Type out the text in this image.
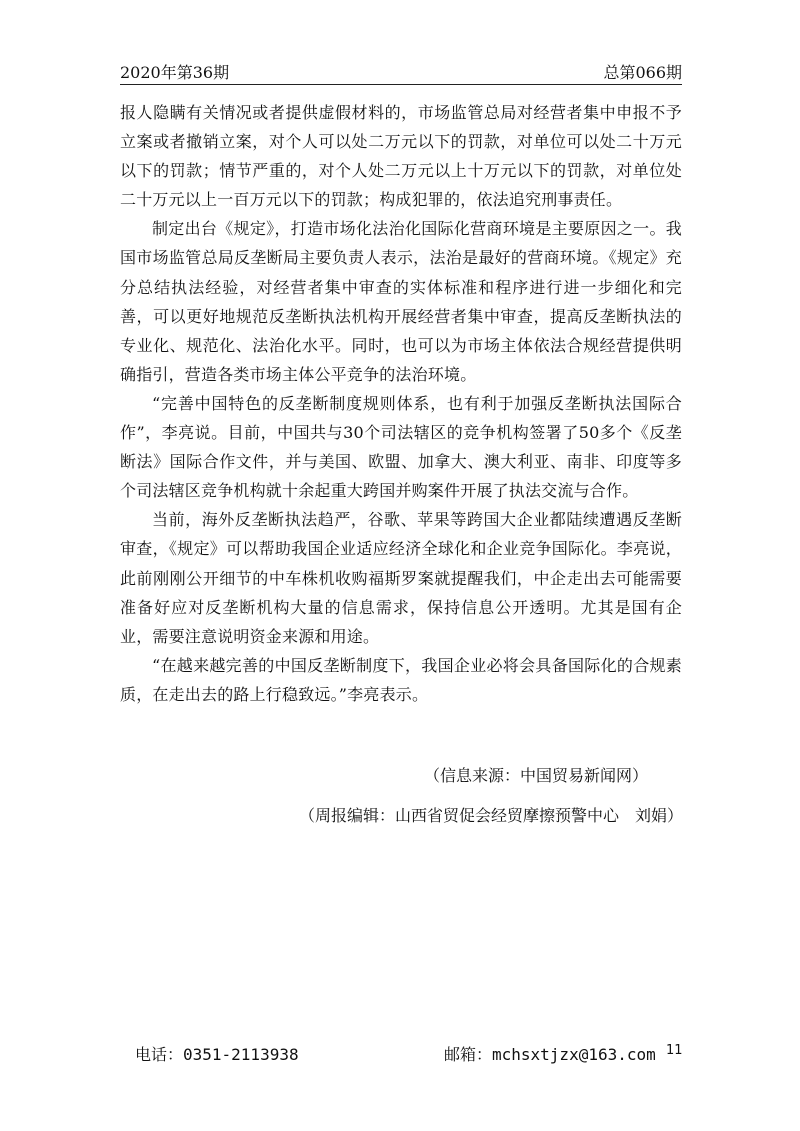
2020年第36期	总第066期

报人隐瞒有关情况或者提供虚假材料的，市场监管总局对经营者集中申报不予立案或者撤销立案，对个人可以处二万元以下的罚款，对单位可以处二十万元以下的罚款；情节严重的，对个人处二万元以上十万元以下的罚款，对单位处二十万元以上一百万元以下的罚款；构成犯罪的，依法追究刑事责任。

制定出台《规定》，打造市场化法治化国际化营商环境是主要原因之一。我国市场监管总局反垄断局主要负责人表示，法治是最好的营商环境。《规定》充分总结执法经验，对经营者集中审查的实体标准和程序进行进一步细化和完善，可以更好地规范反垄断执法机构开展经营者集中审查，提高反垄断执法的专业化、规范化、法治化水平。同时，也可以为市场主体依法合规经营提供明确指引，营造各类市场主体公平竞争的法治环境。

“完善中国特色的反垄断制度规则体系，也有利于加强反垄断执法国际合作”，李亮说。目前，中国共与30个司法辖区的竞争机构签署了50多个《反垄断法》国际合作文件，并与美国、欧盟、加拿大、澳大利亚、南非、印度等多个司法辖区竞争机构就十余起重大跨国并购案件开展了执法交流与合作。

当前，海外反垄断执法趋严，谷歌、苹果等跨国大企业都陆续遭遇反垄断审查，《规定》可以帮助我国企业适应经济全球化和企业竞争国际化。李亮说，此前刚刚公开细节的中车株机收购福斯罗案就提醒我们，中企走出去可能需要准备好应对反垄断机构大量的信息需求，保持信息公开透明。尤其是国有企业，需要注意说明资金来源和用途。

“在越来越完善的中国反垄断制度下，我国企业必将会具备国际化的合规素质，在走出去的路上行稳致远。”李亮表示。

（信息来源：中国贸易新闻网）
（周报编辑：山西省贸促会经贸摩擦预警中心　刘娟）
电话：0351-2113938	邮箱：mchsxtjzx@163.com 11
